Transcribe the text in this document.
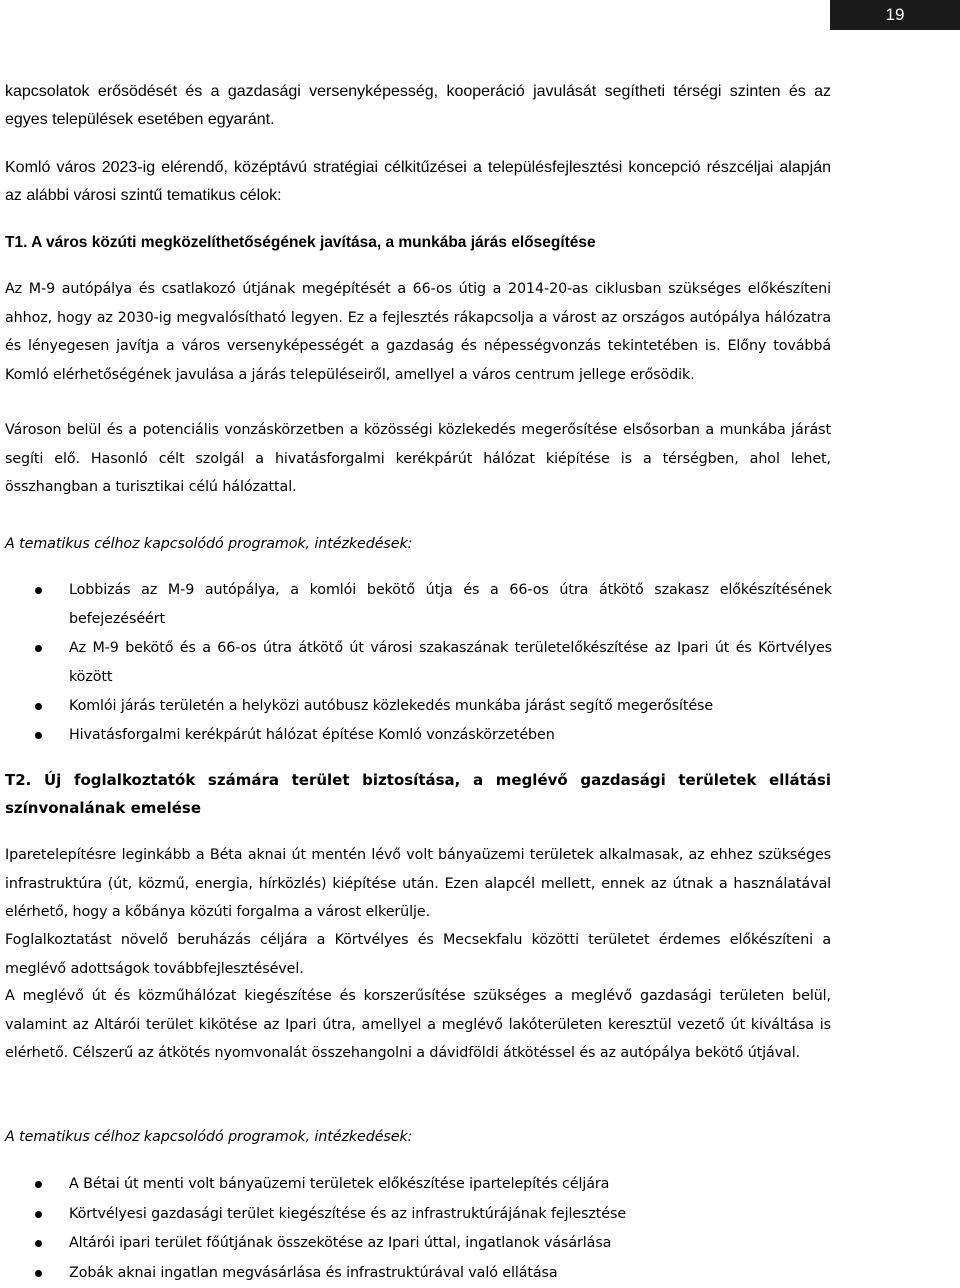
19

kapcsolatok erősödését és a gazdasági versenyképesség, kooperáció javulását segítheti térségi szinten és az egyes települések esetében egyaránt.

Komló város 2023-ig elérendő, középtávú stratégiai célkitűzései a településfejlesztési koncepció részcéljai alapján az alábbi városi szintű tematikus célok:

T1. A város közúti megközelíthetőségének javítása, a munkába járás elősegítése

Az M-9 autópálya és csatlakozó útjának megépítését a 66-os útig a 2014-20-as ciklusban szükséges előkészíteni ahhoz, hogy az 2030-ig megvalósítható legyen. Ez a fejlesztés rákapcsolja a várost az országos autópálya hálózatra és lényegesen javítja a város versenyképességét a gazdaság és népességvonzás tekintetében is. Előny továbbá Komló elérhetőségének javulása a járás településeiről, amellyel a város centrum jellege erősödik.

Városon belül és a potenciális vonzáskörzetben a közösségi közlekedés megerősítése elsősorban a munkába járást segíti elő. Hasonló célt szolgál a hivatásforgalmi kerékpárút hálózat kiépítése is a térségben, ahol lehet, összhangban a turisztikai célú hálózattal.

A tematikus célhoz kapcsolódó programok, intézkedések:

Lobbizás az M-9 autópálya, a komlói bekötő útja és a 66-os útra átkötő szakasz előkészítésének befejezéséért
Az M-9 bekötő és a 66-os útra átkötő út városi szakaszának területelőkészítése az Ipari út és Körtvélyes között
Komlói járás területén a helyközi autóbusz közlekedés munkába járást segítő megerősítése
Hivatásforgalmi kerékpárút hálózat építése Komló vonzáskörzetében

T2. Új foglalkoztatók számára terület biztosítása, a meglévő gazdasági területek ellátási színvonalának emelése

Iparetelepítésre leginkább a Béta aknai út mentén lévő volt bányaüzemi területek alkalmasak, az ehhez szükséges infrastruktúra (út, közmű, energia, hírközlés) kiépítése után. Ezen alapcél mellett, ennek az útnak a használatával elérhető, hogy a kőbánya közúti forgalma a várost elkerülje.

Foglalkoztatást növelő beruházás céljára a Körtvélyes és Mecsekfalu közötti területet érdemes előkészíteni a meglévő adottságok továbbfejlesztésével.

A meglévő út és közműhálózat kiegészítése és korszerűsítése szükséges a meglévő gazdasági területen belül, valamint az Altárói terület kikötése az Ipari útra, amellyel a meglévő lakóterületen keresztül vezető út kiváltása is elérhető. Célszerű az átkötés nyomvonalát összehangolni a dávidföldi átkötéssel és az autópálya bekötő útjával.

A tematikus célhoz kapcsolódó programok, intézkedések:

A Bétai út menti volt bányaüzemi területek előkészítése ipartelepítés céljára
Körtvélyesi gazdasági terület kiegészítése és az infrastruktúrájának fejlesztése
Altárói ipari terület főútjának összekötése az Ipari úttal, ingatlanok vásárlása
Zobák aknai ingatlan megvásárlása és infrastruktúrával való ellátása
